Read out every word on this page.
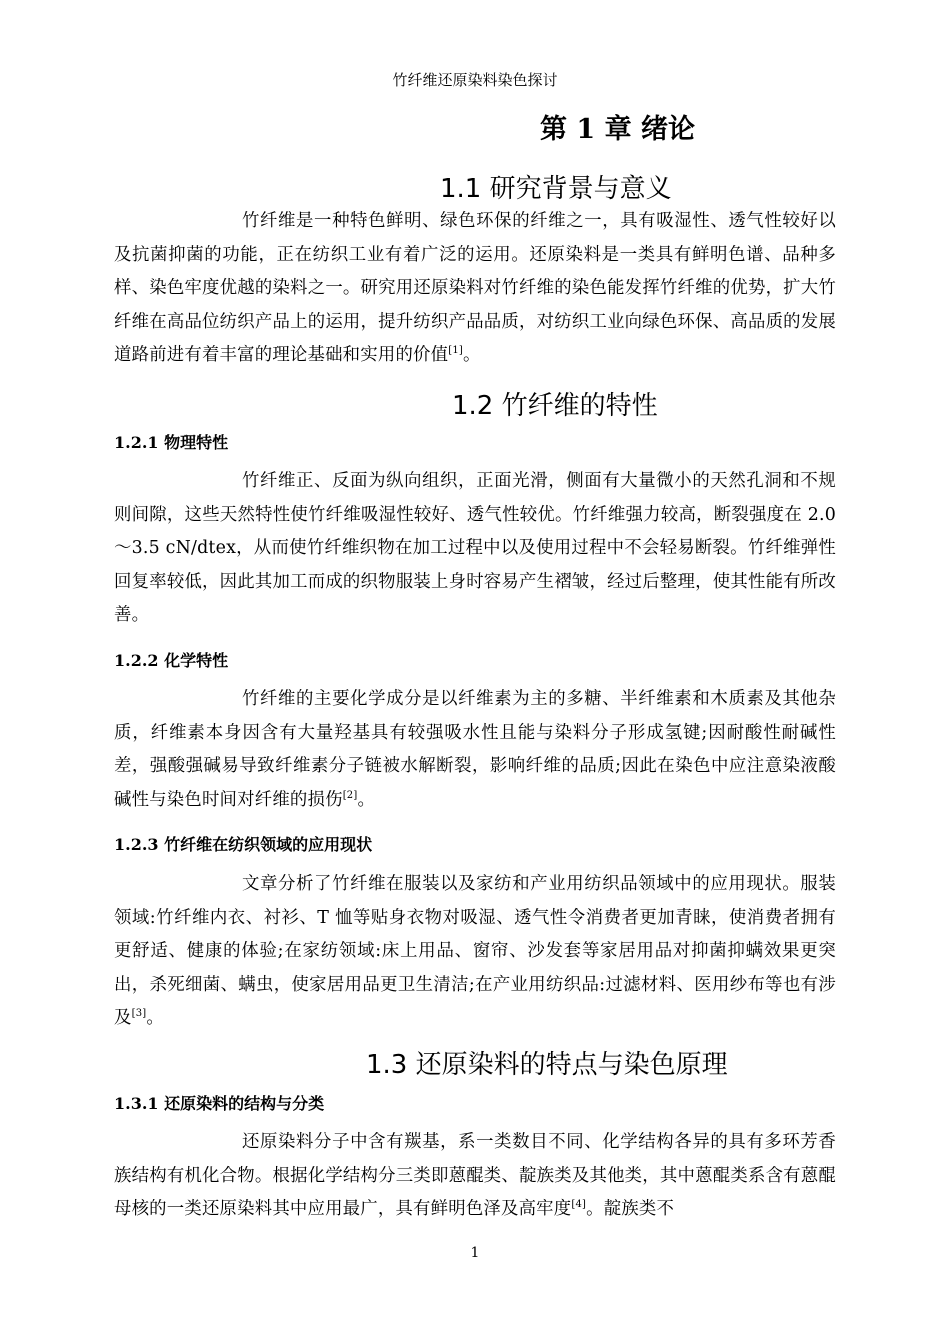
竹纤维还原染料染色探讨
第 1 章 绪论
1.1 研究背景与意义
竹纤维是一种特色鲜明、绿色环保的纤维之一，具有吸湿性、透气性较好以及抗菌抑菌的功能，正在纺织工业有着广泛的运用。还原染料是一类具有鲜明色谱、品种多样、染色牢度优越的染料之一。研究用还原染料对竹纤维的染色能发挥竹纤维的优势，扩大竹纤维在高品位纺织产品上的运用，提升纺织产品品质，对纺织工业向绿色环保、高品质的发展道路前进有着丰富的理论基础和实用的价值[1]。
1.2 竹纤维的特性
1.2.1 物理特性
竹纤维正、反面为纵向组织，正面光滑，侧面有大量微小的天然孔洞和不规则间隙，这些天然特性使竹纤维吸湿性较好、透气性较优。竹纤维强力较高，断裂强度在 2.0～3.5 cN/dtex，从而使竹纤维织物在加工过程中以及使用过程中不会轻易断裂。竹纤维弹性回复率较低，因此其加工而成的织物服装上身时容易产生褶皱，经过后整理，使其性能有所改善。
1.2.2 化学特性
竹纤维的主要化学成分是以纤维素为主的多糖、半纤维素和木质素及其他杂质，纤维素本身因含有大量羟基具有较强吸水性且能与染料分子形成氢键;因耐酸性耐碱性差，强酸强碱易导致纤维素分子链被水解断裂，影响纤维的品质;因此在染色中应注意染液酸碱性与染色时间对纤维的损伤[2]。
1.2.3 竹纤维在纺织领域的应用现状
文章分析了竹纤维在服装以及家纺和产业用纺织品领域中的应用现状。服装领域:竹纤维内衣、衬衫、T 恤等贴身衣物对吸湿、透气性令消费者更加青睐，使消费者拥有更舒适、健康的体验;在家纺领域:床上用品、窗帘、沙发套等家居用品对抑菌抑螨效果更突出，杀死细菌、螨虫，使家居用品更卫生清洁;在产业用纺织品:过滤材料、医用纱布等也有涉及[3]。
1.3 还原染料的特点与染色原理
1.3.1 还原染料的结构与分类
还原染料分子中含有羰基，系一类数目不同、化学结构各异的具有多环芳香族结构有机化合物。根据化学结构分三类即蒽醌类、靛族类及其他类，其中蒽醌类系含有蒽醌母核的一类还原染料其中应用最广，具有鲜明色泽及高牢度[4]。靛族类不
1
